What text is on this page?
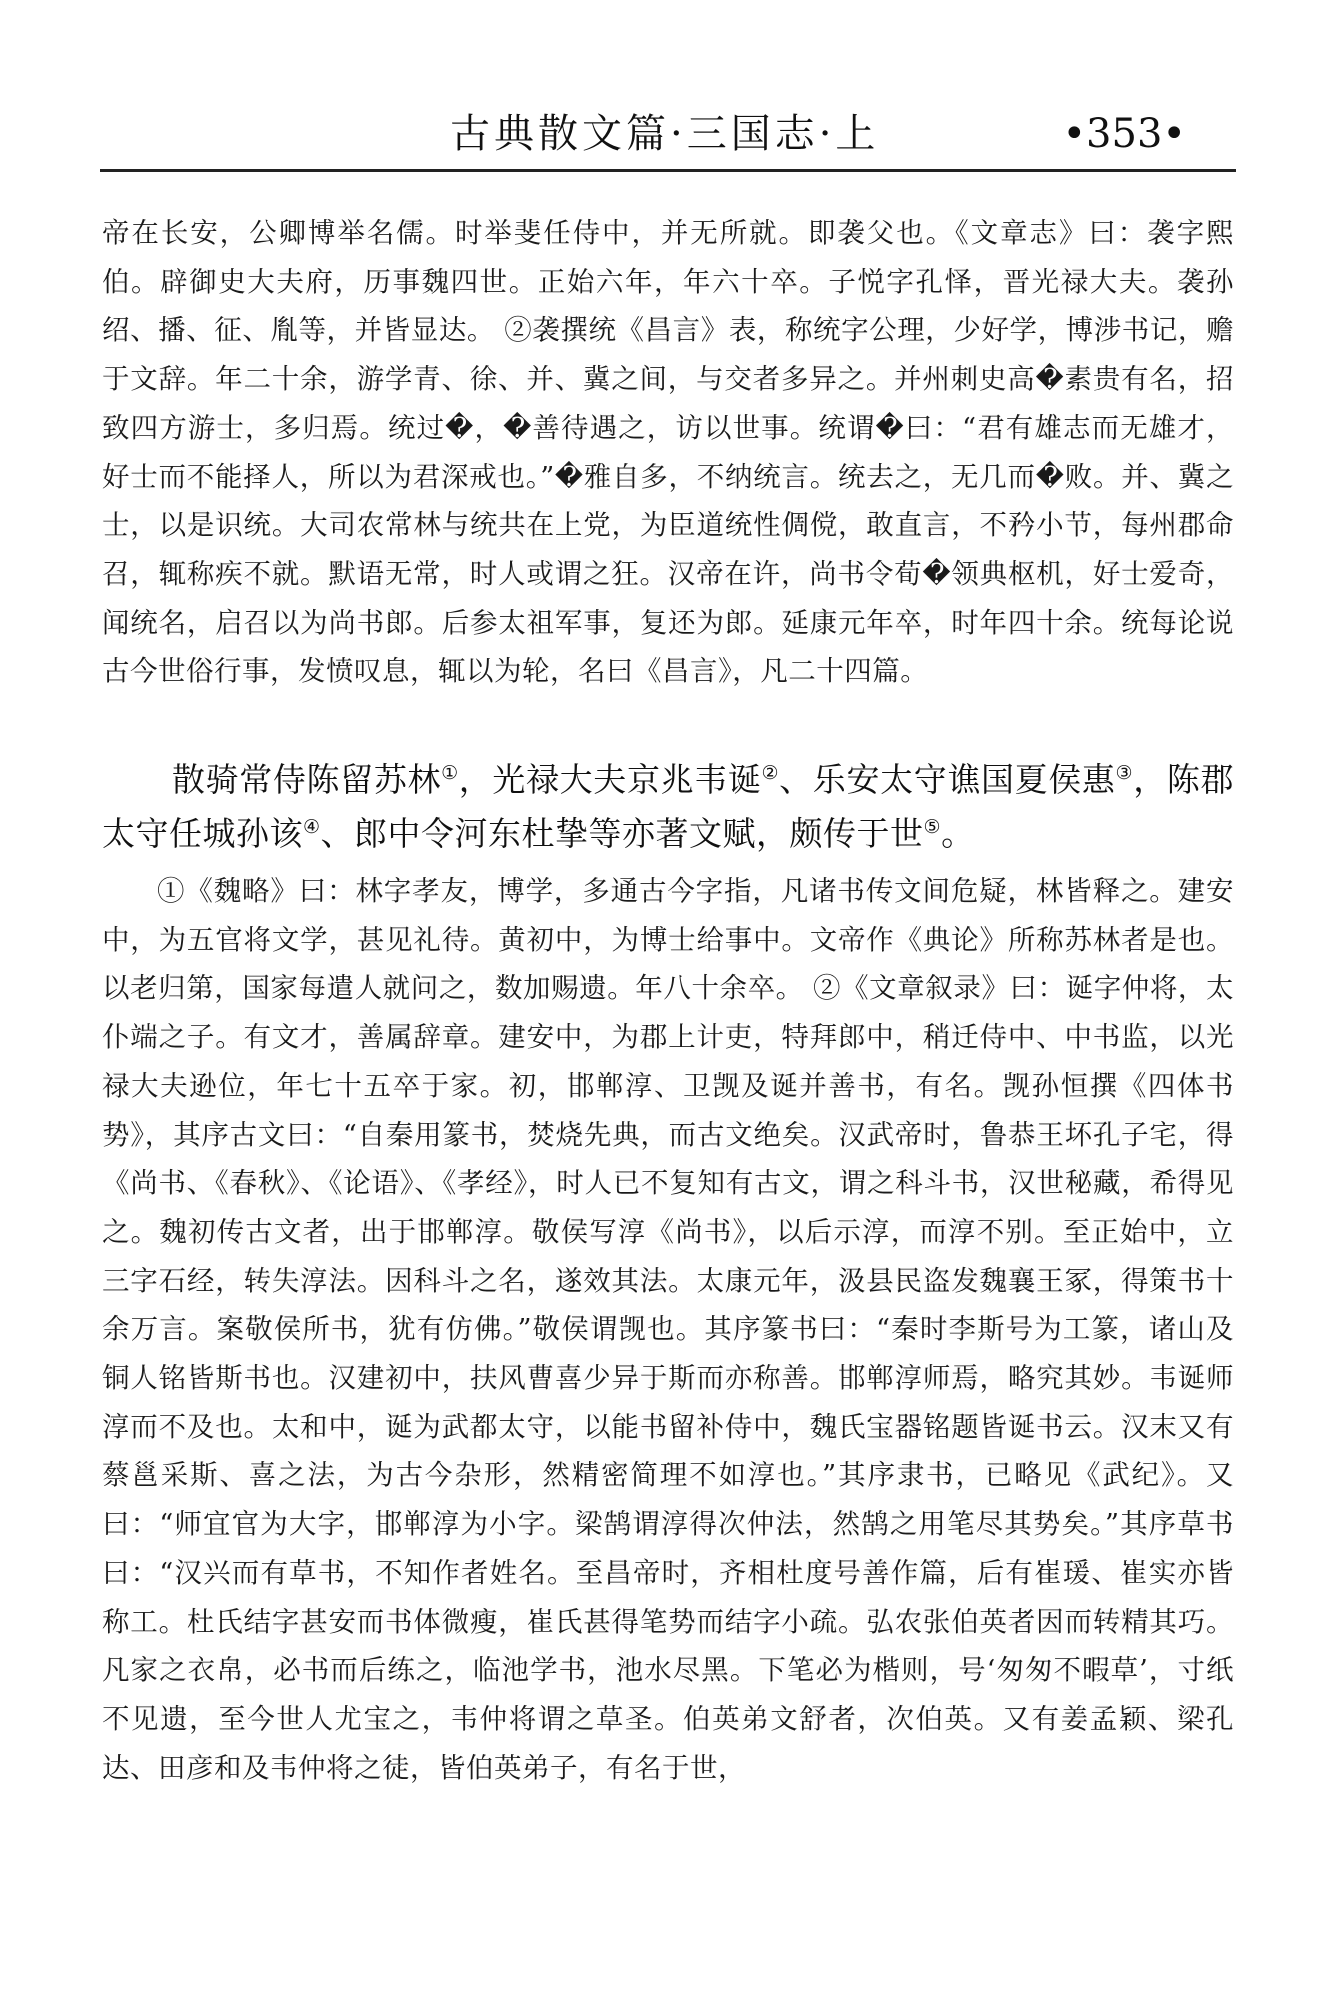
古典散文篇·三国志·上	•353•

帝在长安，公卿博举名儒。时举斐任侍中，并无所就。即袭父也。《文章志》曰：袭字熙伯。辟御史大夫府，历事魏四世。正始六年，年六十卒。子悦字孔怿，晋光禄大夫。袭孙绍、播、征、胤等，并皆显达。 ②袭撰统《昌言》表，称统字公理，少好学，博涉书记，赡于文辞。年二十余，游学青、徐、并、冀之间，与交者多异之。并州刺史高�素贵有名，招致四方游士，多归焉。统过�，�善待遇之，访以世事。统谓�曰：“君有雄志而无雄才，好士而不能择人，所以为君深戒也。”�雅自多，不纳统言。统去之，无几而�败。并、冀之士，以是识统。大司农常林与统共在上党，为臣道统性倜傥，敢直言，不矜小节，每州郡命召，辄称疾不就。默语无常，时人或谓之狂。汉帝在许，尚书令荀�领典枢机，好士爱奇，闻统名，启召以为尚书郎。后参太祖军事，复还为郎。延康元年卒，时年四十余。统每论说古今世俗行事，发愤叹息，辄以为轮，名曰《昌言》，凡二十四篇。

散骑常侍陈留苏林①，光禄大夫京兆韦诞②、乐安太守谯国夏侯惠③，陈郡太守任城孙该④、郎中令河东杜挚等亦著文赋，颇传于世⑤。

①《魏略》曰：林字孝友，博学，多通古今字指，凡诸书传文间危疑，林皆释之。建安中，为五官将文学，甚见礼待。黄初中，为博士给事中。文帝作《典论》所称苏林者是也。以老归第，国家每遣人就问之，数加赐遗。年八十余卒。 ②《文章叙录》曰：诞字仲将，太仆端之子。有文才，善属辞章。建安中，为郡上计吏，特拜郎中，稍迁侍中、中书监，以光禄大夫逊位，年七十五卒于家。初，邯郸淳、卫觊及诞并善书，有名。觊孙恒撰《四体书势》，其序古文曰：“自秦用篆书，焚烧先典，而古文绝矣。汉武帝时，鲁恭王坏孔子宅，得《尚书、《春秋》、《论语》、《孝经》，时人已不复知有古文，谓之科斗书，汉世秘藏，希得见之。魏初传古文者，出于邯郸淳。敬侯写淳《尚书》，以后示淳，而淳不别。至正始中，立三字石经，转失淳法。因科斗之名，遂效其法。太康元年，汲县民盗发魏襄王冢，得策书十余万言。案敬侯所书，犹有仿佛。”敬侯谓觊也。其序篆书曰：“秦时李斯号为工篆，诸山及铜人铭皆斯书也。汉建初中，扶风曹喜少异于斯而亦称善。邯郸淳师焉，略究其妙。韦诞师淳而不及也。太和中，诞为武都太守，以能书留补侍中，魏氏宝器铭题皆诞书云。汉末又有蔡邕采斯、喜之法，为古今杂形，然精密简理不如淳也。”其序隶书，已略见《武纪》。又曰：“师宜官为大字，邯郸淳为小字。梁鹄谓淳得次仲法，然鹄之用笔尽其势矣。”其序草书曰：“汉兴而有草书，不知作者姓名。至昌帝时，齐相杜度号善作篇，后有崔瑗、崔实亦皆称工。杜氏结字甚安而书体微瘦，崔氏甚得笔势而结字小疏。弘农张伯英者因而转精其巧。凡家之衣帛，必书而后练之，临池学书，池水尽黑。下笔必为楷则，号‘匆匆不暇草’，寸纸不见遗，至今世人尤宝之，韦仲将谓之草圣。伯英弟文舒者，次伯英。又有姜孟颖、梁孔达、田彦和及韦仲将之徒，皆伯英弟子，有名于世，
